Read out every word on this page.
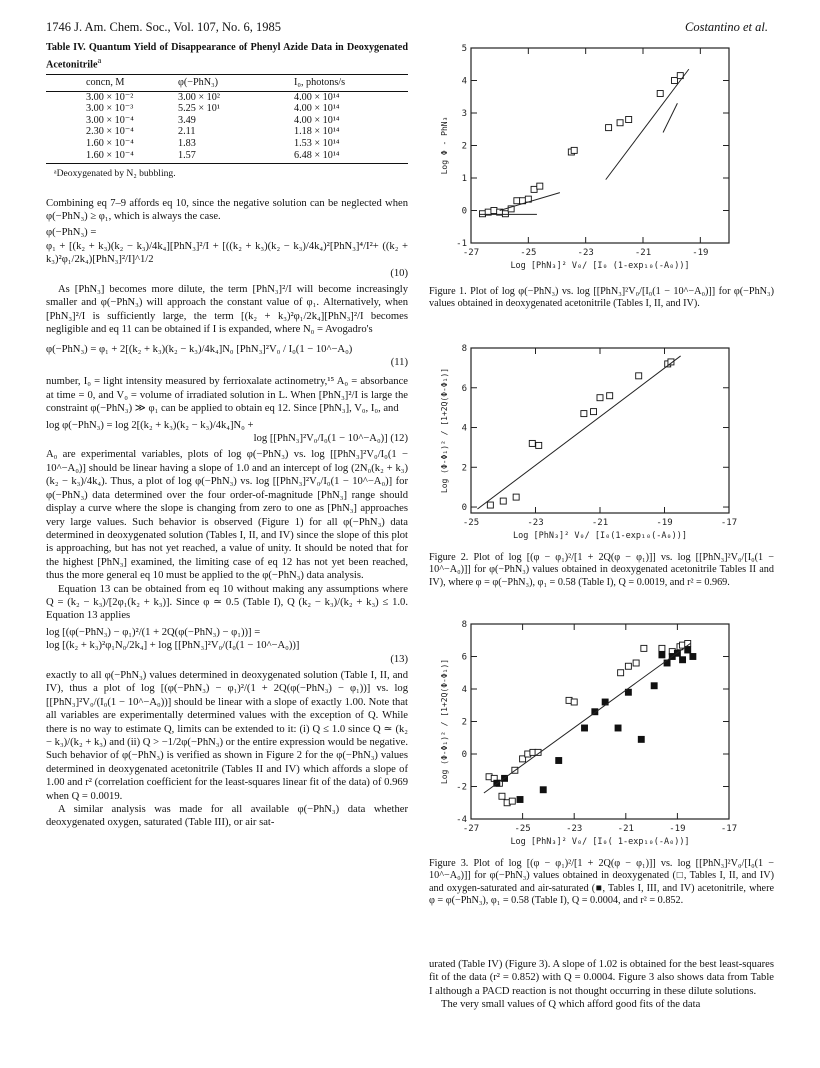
1746 J. Am. Chem. Soc., Vol. 107, No. 6, 1985	Costantino et al.
Table IV. Quantum Yield of Disappearance of Phenyl Azide Data in Deoxygenated Acetonitrile$^a$
concn, M	φ(−PhN₃)	I₀, photons/s
3.00 × 10⁻²	3.00 × 10²	4.00 × 10¹⁴
3.00 × 10⁻³	5.25 × 10¹	4.00 × 10¹⁴
3.00 × 10⁻⁴	3.49	4.00 × 10¹⁴
2.30 × 10⁻⁴	2.11	1.18 × 10¹⁴
1.60 × 10⁻⁴	1.83	1.53 × 10¹⁴
1.60 × 10⁻⁴	1.57	6.48 × 10¹⁴
ᵃDeoxygenated by N₂ bubbling.

Combining eq 7–9 affords eq 10, since the negative solution can be neglected when φ(−PhN₃) ≥ φ₁, which is always the case.

φ(−PhN₃) =
φ₁ + [(k₂ + k₃)(k₂ − k₃)/4k₄][PhN₃]²/I + [((k₂ + k₃)(k₂ − k₃)/4k₄)²[PhN₃]⁴/I²+ ((k₂ + k₃)²φ₁/2k₄)[PhN₃]²/I]^1/2
(10)

As [PhN₃] becomes more dilute, the term [PhN₃]²/I will become increasingly smaller and φ(−PhN₃) will approach the constant value of φ₁. Alternatively, when [PhN₃]²/I is sufficiently large, the term [(k₂ + k₃)²φ₁/2k₄][PhN₃]²/I becomes negligible and eq 11 can be obtained if I is expanded, where N₀ = Avogadro's

φ(−PhN₃) = φ₁ + 2[(k₂ + k₃)(k₂ − k₃)/4k₄]N₀ [PhN₃]²V₀ / I₀(1 − 10^−A₀)
(11)

number, I₀ = light intensity measured by ferrioxalate actinometry,¹⁵ A₀ = absorbance at time = 0, and V₀ = volume of irradiated solution in L. When [PhN₃]²/I is large the constraint φ(−PhN₃) ≫ φ₁ can be applied to obtain eq 12. Since [PhN₃], V₀, I₀, and

log φ(−PhN₃) = log 2[(k₂ + k₃)(k₂ − k₃)/4k₄]N₀ +
log [[PhN₃]²V₀/I₀(1 − 10^−A₀)] (12)

A₀ are experimental variables, plots of log φ(−PhN₃) vs. log [[PhN₃]²V₀/I₀(1 − 10^−A₀)] should be linear having a slope of 1.0 and an intercept of log (2N₀(k₂ + k₃)(k₂ − k₃)/4k₄). Thus, a plot of log φ(−PhN₃) vs. log [[PhN₃]²V₀/I₀(1 − 10^−A₀)] for φ(−PhN₃) data determined over the four order-of-magnitude [PhN₃] range should display a curve where the slope is changing from zero to one as [PhN₃] approaches very large values. Such behavior is observed (Figure 1) for all φ(−PhN₃) data determined in deoxygenated solution (Tables I, II, and IV) since the slope of this plot is approaching, but has not yet reached, a value of unity. It should be noted that for the highest [PhN₃] examined, the limiting case of eq 12 has not yet been reached, thus the more general eq 10 must be applied to the φ(−PhN₃) data analysis.

Equation 13 can be obtained from eq 10 without making any assumptions where Q = (k₂ − k₃)/[2φ₁(k₂ + k₃)]. Since φ ≃ 0.5 (Table I), Q (k₂ − k₃)/(k₂ + k₃) ≤ 1.0. Equation 13 applies

log [(φ(−PhN₃) − φ₁)²/(1 + 2Q(φ(−PhN₃) − φ₁))] =
log [(k₂ + k₃)²φ₁N₀/2k₄] + log [[PhN₃]²V₀/(I₀(1 − 10^−A₀))]
(13)

exactly to all φ(−PhN₃) values determined in deoxygenated solution (Table I, II, and IV), thus a plot of log [(φ(−PhN₃) − φ₁)²/(1 + 2Q(φ(−PhN₃) − φ₁))] vs. log [[PhN₃]²V₀/(I₀(1 − 10^−A₀))] should be linear with a slope of exactly 1.00. Note that all variables are experimentally determined values with the exception of Q. While there is no way to estimate Q, limits can be extended to it: (i) Q ≤ 1.0 since Q ≃ (k₂ − k₃)/(k₂ + k₃) and (ii) Q > −1/2φ(−PhN₃) or the entire expression would be negative. Such behavior of φ(−PhN₃) is verified as shown in Figure 2 for the φ(−PhN₃) values determined in deoxygenated acetonitrile (Tables II and IV) which affords a slope of 1.00 and r² (correlation coefficient for the least-squares linear fit of the data) of 0.969 when Q = 0.0019.

A similar analysis was made for all available φ(−PhN₃) data whether deoxygenated oxygen, saturated (Table III), or air sat-

-27	-25	-23	-21	-19
-1
0
1
2
3
4
5
Log [PhN₃]² V₀/ [I₀ (1-exp₁₀(-A₀))]
Log Φ - PhN₃
Figure 1. Plot of log φ(−PhN₃) vs. log [[PhN₃]²V₀/[I₀(1 − 10^−A₀)]] for φ(−PhN₃) values obtained in deoxygenated acetonitrile (Tables I, II, and IV).
-25	-23	-21	-19	-17
0
2
4
6
8
Log [PhN₃]² V₀/ [I₀(1-exp₁₀(-A₀))]
Log (Φ-Φ₁)² / [1+2Q(Φ-Φ₁)]
Figure 2. Plot of log [(φ − φ₁)²/[1 + 2Q(φ − φ₁)]] vs. log [[PhN₃]²V₀/[I₀(1 − 10^−A₀)]] for φ(−PhN₃) values obtained in deoxygenated acetonitrile Tables II and IV), where φ = φ(−PhN₃), φ₁ = 0.58 (Table I), Q = 0.0019, and r² = 0.969.
-27	-25	-23	-21	-19	-17
-4
-2
0
2
4
6
8
Log [PhN₃]² V₀/ [I₀( 1-exp₁₀(-A₀))]
Log (Φ-Φ₁)² / [1+2Q(Φ-Φ₁)]
Figure 3. Plot of log [(φ − φ₁)²/[1 + 2Q(φ − φ₁)]] vs. log [[PhN₃]²V₀/[I₀(1 − 10^−A₀)]] for φ(−PhN₃) values obtained in deoxygenated (□, Tables I, II, and IV) and oxygen-saturated and air-saturated (■, Tables I, III, and IV) acetonitrile, where φ = φ(−PhN₃), φ₁ = 0.58 (Table I), Q = 0.0004, and r² = 0.852.

urated (Table IV) (Figure 3). A slope of 1.02 is obtained for the best least-squares fit of the data (r² = 0.852) with Q = 0.0004. Figure 3 also shows data from Table I although a PACD reaction is not thought occurring in these dilute solutions.

The very small values of Q which afford good fits of the data
